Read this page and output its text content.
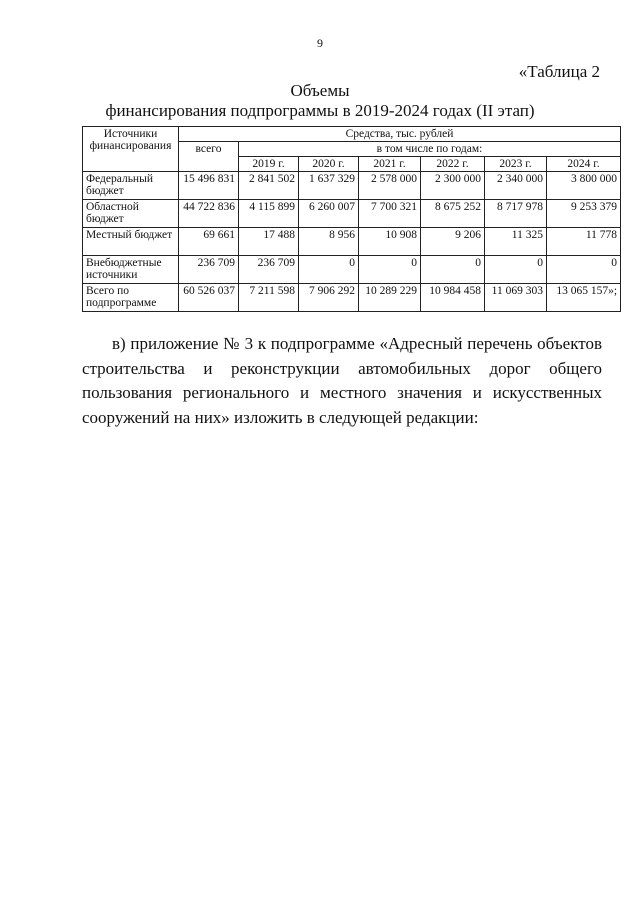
9
«Таблица 2
Объемы
финансирования подпрограммы в 2019-2024 годах (II этап)
Источники финансирования	Средства, тыс. рублей						
	всего	в том числе по годам:					
		2019 г.	2020 г.	2021 г.	2022 г.	2023 г.	2024 г.
Федеральный бюджет	15 496 831	2 841 502	1 637 329	2 578 000	2 300 000	2 340 000	3 800 000
Областной бюджет	44 722 836	4 115 899	6 260 007	7 700 321	8 675 252	8 717 978	9 253 379
Местный бюджет	69 661	17 488	8 956	10 908	9 206	11 325	11 778
Внебюджетные источники	236 709	236 709	0	0	0	0	0
Всего по подпрограмме	60 526 037	7 211 598	7 906 292	10 289 229	10 984 458	11 069 303	13 065 157»;
в) приложение № 3 к подпрограмме «Адресный перечень объектов
строительства и реконструкции автомобильных дорог общего
пользования регионального и местного значения и искусственных
сооружений на них» изложить в следующей редакции:
